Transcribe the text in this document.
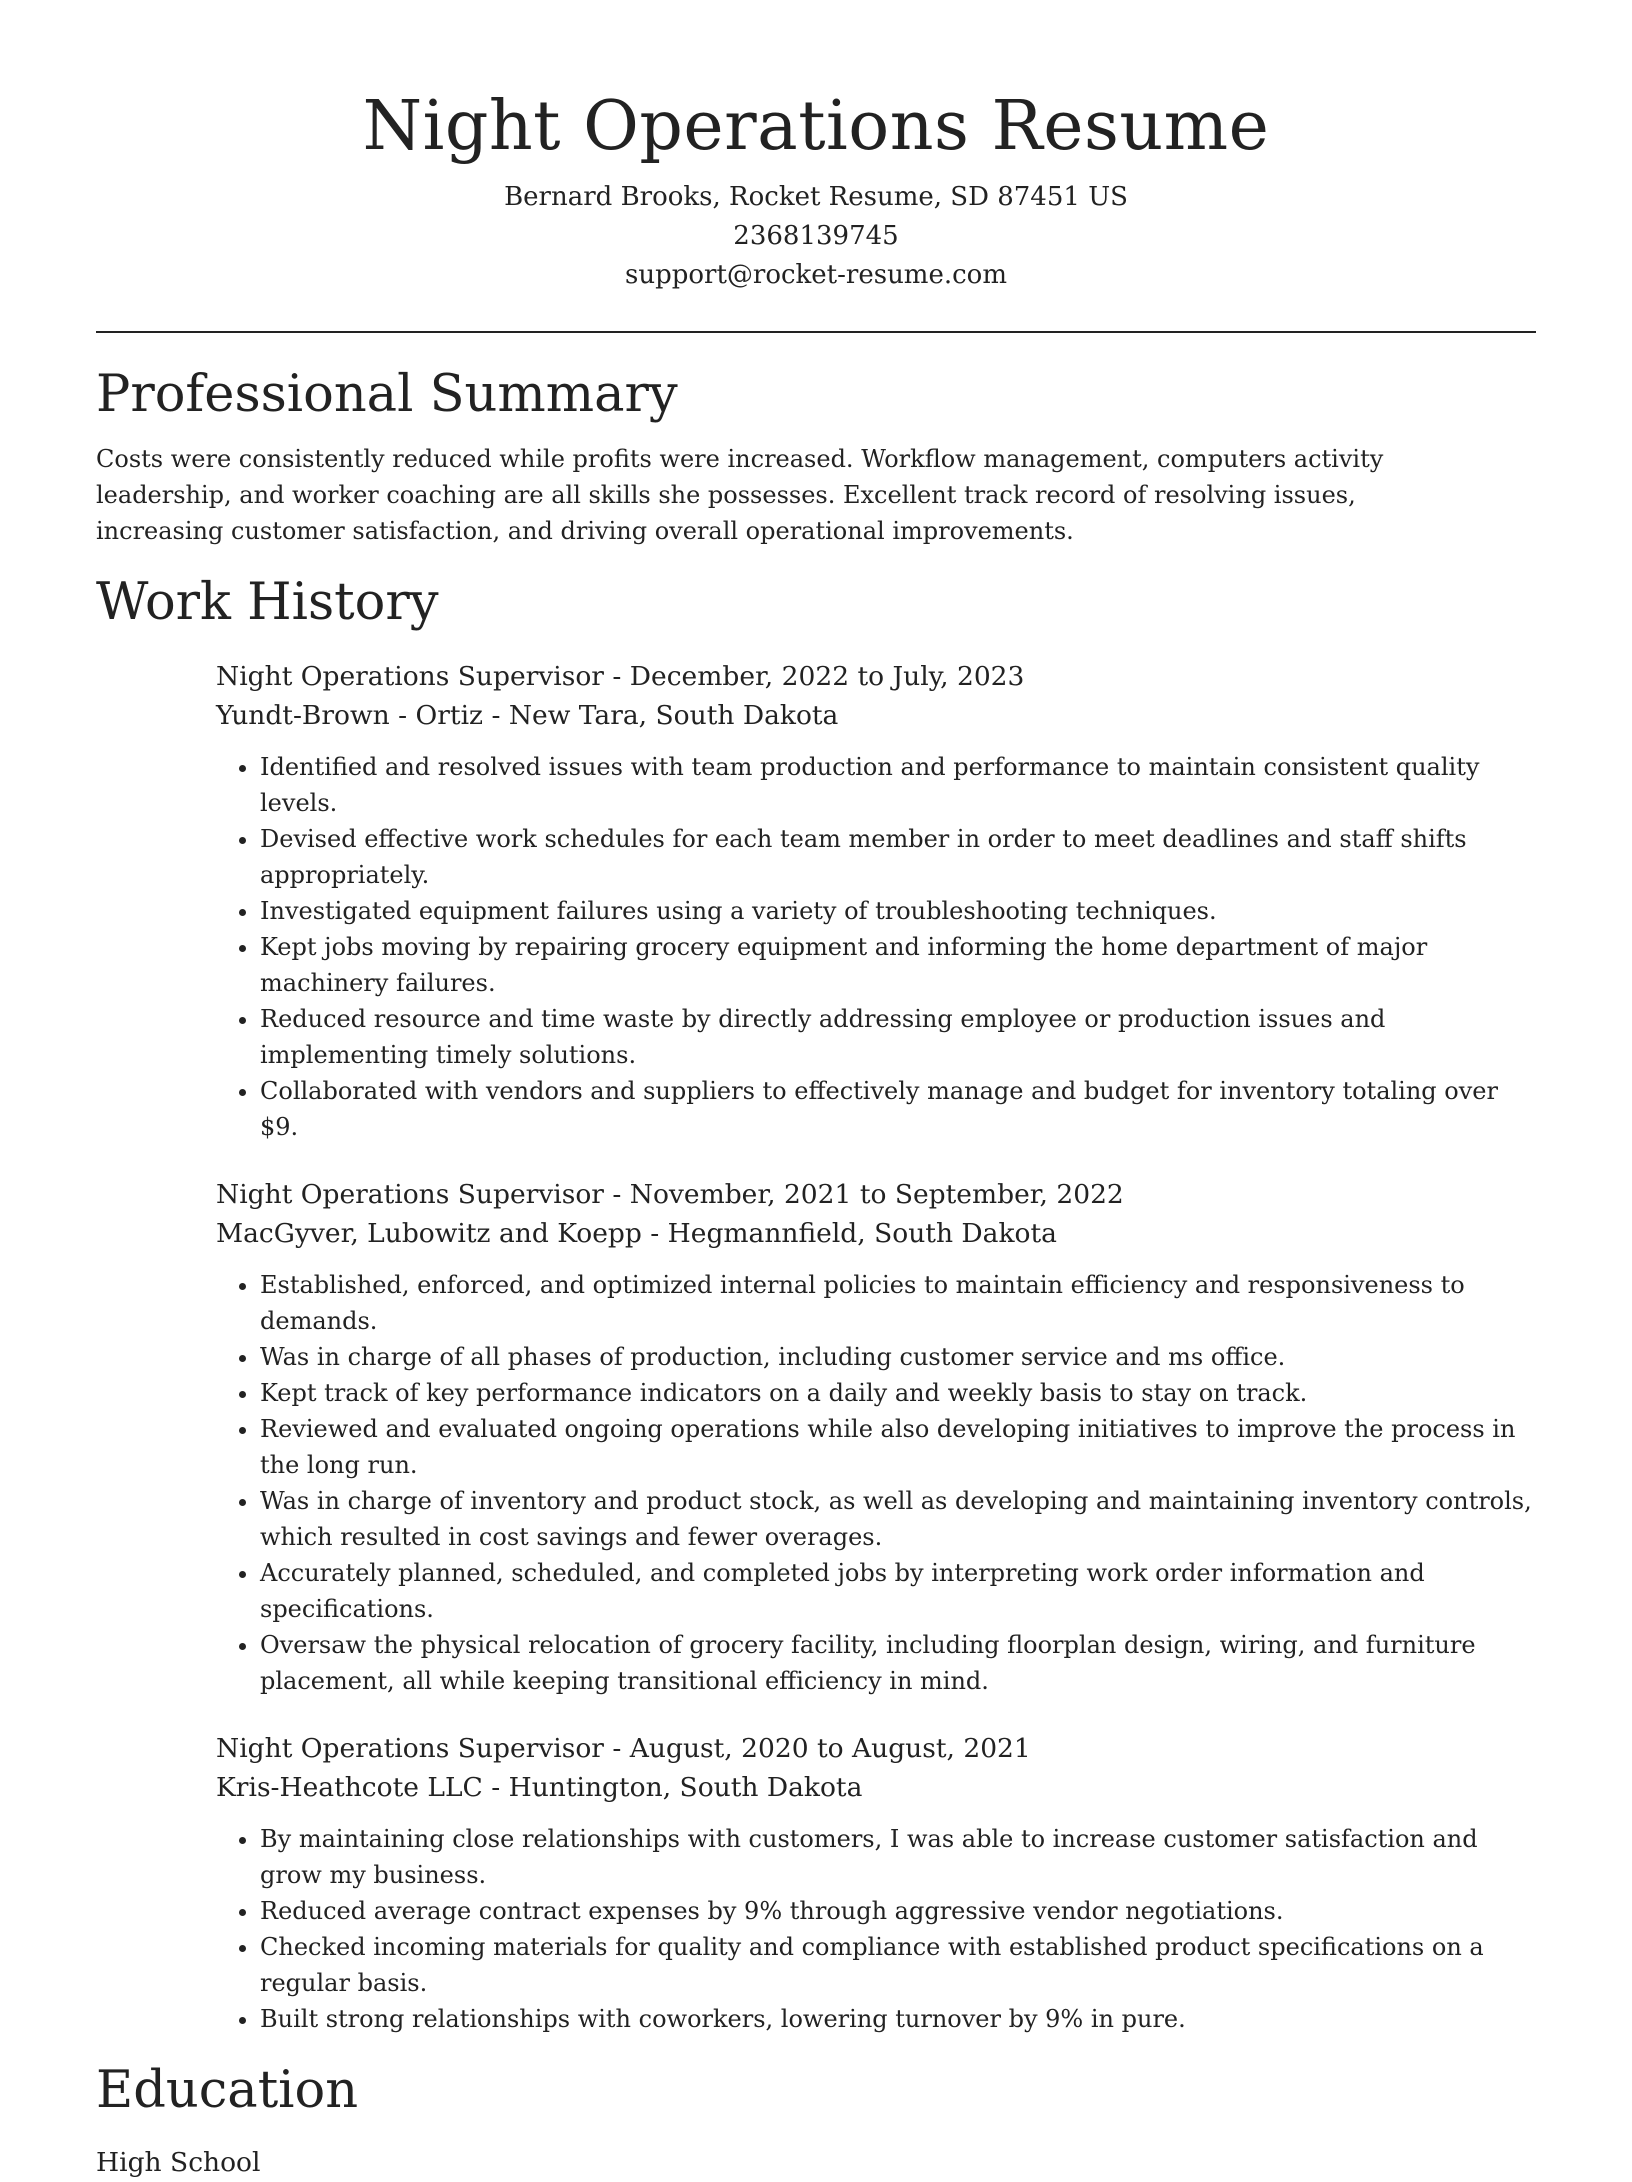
Night Operations Resume

Bernard Brooks, Rocket Resume, SD 87451 US

2368139745

support@rocket-resume.com

Professional Summary

Costs were consistently reduced while profits were increased. Workflow management, computers activity leadership, and worker coaching are all skills she possesses. Excellent track record of resolving issues, increasing customer satisfaction, and driving overall operational improvements.

Work History

Night Operations Supervisor - December, 2022 to July, 2023

Yundt-Brown - Ortiz - New Tara, South Dakota

• Identified and resolved issues with team production and performance to maintain consistent quality levels.
• Devised effective work schedules for each team member in order to meet deadlines and staff shifts appropriately.
• Investigated equipment failures using a variety of troubleshooting techniques.
• Kept jobs moving by repairing grocery equipment and informing the home department of major machinery failures.
• Reduced resource and time waste by directly addressing employee or production issues and implementing timely solutions.
• Collaborated with vendors and suppliers to effectively manage and budget for inventory totaling over $9.

Night Operations Supervisor - November, 2021 to September, 2022

MacGyver, Lubowitz and Koepp - Hegmannfield, South Dakota

• Established, enforced, and optimized internal policies to maintain efficiency and responsiveness to demands.
• Was in charge of all phases of production, including customer service and ms office.
• Kept track of key performance indicators on a daily and weekly basis to stay on track.
• Reviewed and evaluated ongoing operations while also developing initiatives to improve the process in the long run.
• Was in charge of inventory and product stock, as well as developing and maintaining inventory controls, which resulted in cost savings and fewer overages.
• Accurately planned, scheduled, and completed jobs by interpreting work order information and specifications.
• Oversaw the physical relocation of grocery facility, including floorplan design, wiring, and furniture placement, all while keeping transitional efficiency in mind.

Night Operations Supervisor - August, 2020 to August, 2021

Kris-Heathcote LLC - Huntington, South Dakota

• By maintaining close relationships with customers, I was able to increase customer satisfaction and grow my business.
• Reduced average contract expenses by 9% through aggressive vendor negotiations.
• Checked incoming materials for quality and compliance with established product specifications on a regular basis.
• Built strong relationships with coworkers, lowering turnover by 9% in pure.
Education

High School
